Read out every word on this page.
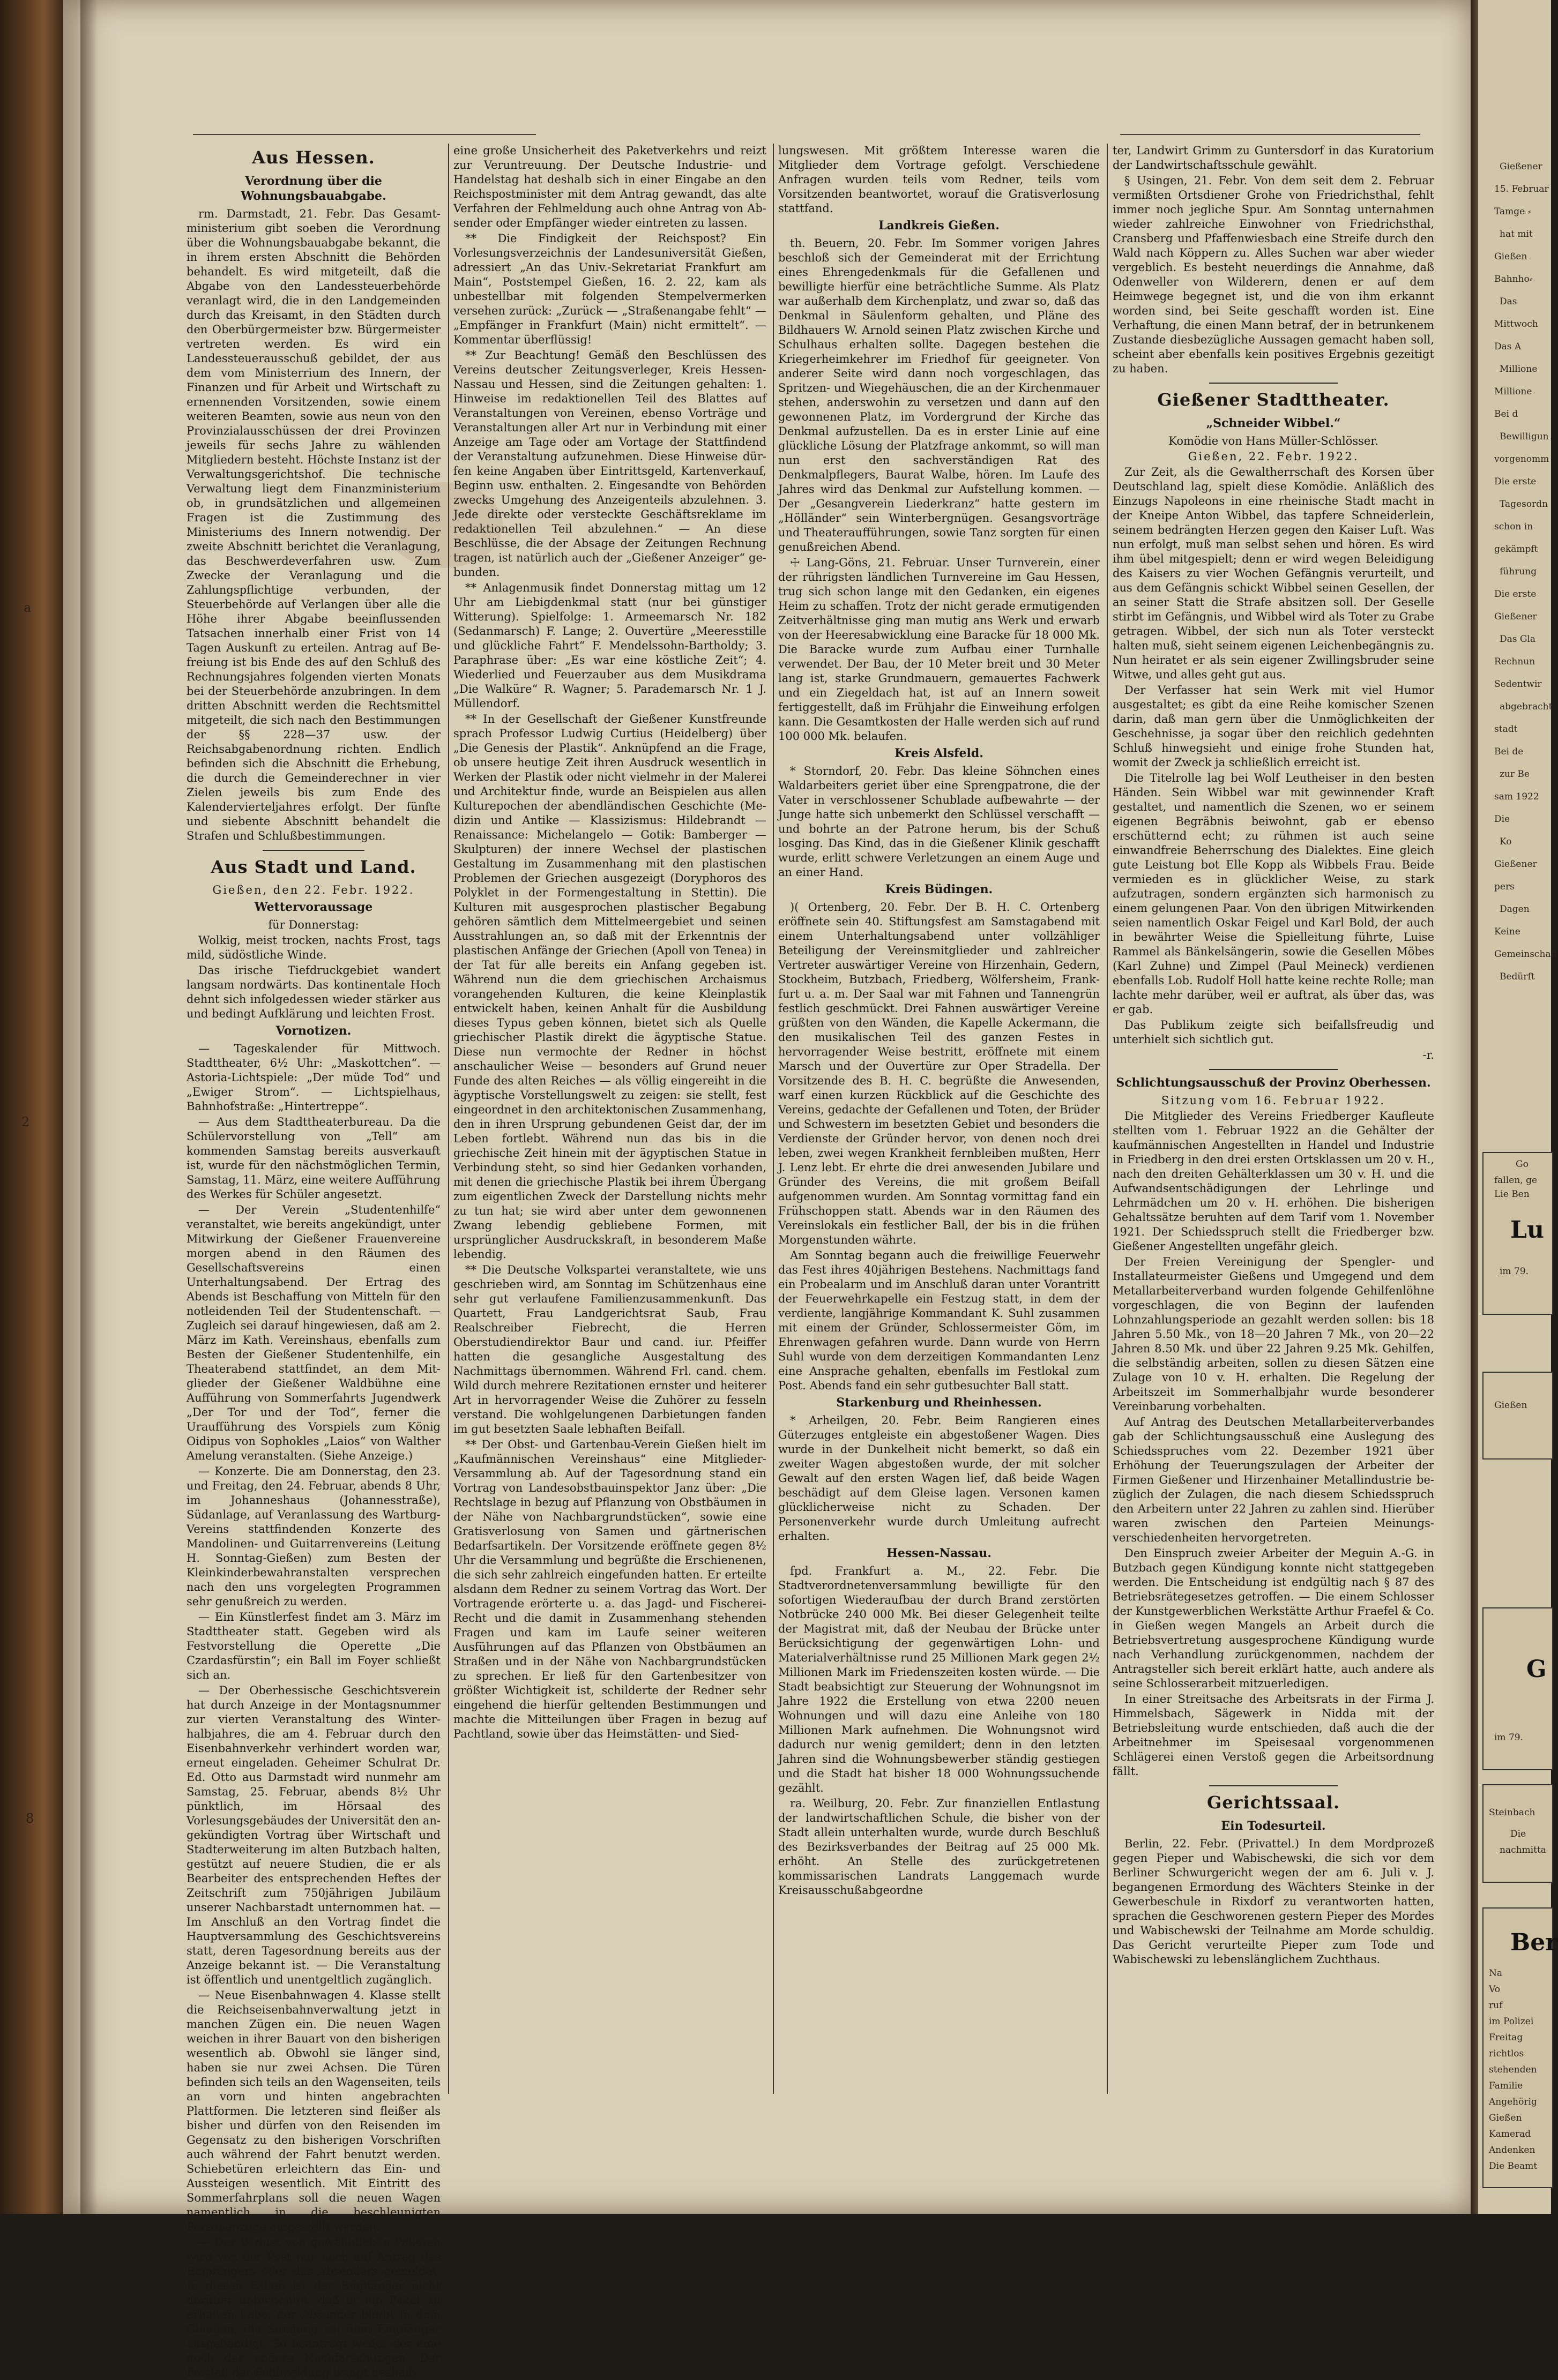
a
2
8
Aus Hessen.
Verordnung über die Wohnungsbauabgabe.

rm. Darmstadt, 21. Febr. Das Gesamtministerium gibt soeben die Verordnung über die Wohnungsbauabgabe bekannt, die in ihrem ersten Abschnitt die Behörden behandelt. Es wird mitgeteilt, daß die Abgabe von den Landessteuerbehörde veranlagt wird, die in den Landgemeinden durch das Kreisamt, in den Städten durch den Oberbürgermeister bzw. Bürgermeister vertreten werden. Es wird ein Landessteuerausschuß gebildet, der aus dem vom Ministerrium des Innern, der Finanzen und für Arbeit und Wirtschaft zu ernennenden Vorsitzenden, sowie einem weiteren Beamten, sowie aus neun von den Provinzialausschüssen der drei Provinzen jeweils für sechs Jahre zu wählenden Mitgliedern besteht. Höchste Instanz ist der Verwaltungsgerichtshof. Die technische Verwaltung liegt dem Finanzministerium ob, in grundsätzlichen und allgemeinen Fragen ist die Zustimmung des Ministeriums des Innern notwendig. Der zweite Abschnitt berichtet die Veranlagung, das Beschwerdeverfahren usw. Zum Zwecke der Veranlagung und die Zahlungspflichtige verbunden, der Steuerbehörde auf Verlangen über alle die Höhe ihrer Abgabe beeinflussenden Tatsachen innerhalb einer Frist von 14 Tagen Auskunft zu erteilen. Antrag auf Befreiung ist bis Ende des auf den Schluß des Rechnungsjahres folgenden vierten Monats bei der Steuerbehörde anzubringen. In dem dritten Abschnitt werden die Rechtsmittel mitgeteilt, die sich nach den Bestimmungen der §§ 228—37 usw. der Reichsabgabenordnung richten. Endlich befinden sich die Abschnitt die Erhebung, die durch die Gemeinderechner in vier Zielen jeweils bis zum Ende des Kalendervierteljahres erfolgt. Der fünfte und siebente Abschnitt behandelt die Strafen und Schlußbestimmungen.

Aus Stadt und Land.

Gießen, den 22. Febr. 1922.

Wettervoraussage

für Donnerstag:

Wolkig, meist trocken, nachts Frost, tags mild, südöstliche Winde.

Das irische Tiefdruckgebiet wandert langsam nordwärts. Das kontinentale Hoch dehnt sich infolgedessen wieder stärker aus und bedingt Aufklärung und leichten Frost.

Vornotizen.

— Tageskalender für Mittwoch. Stadttheater, 6½ Uhr: „Maskottchen“. — Astoria-Lichtspiele: „Der müde Tod“ und „Ewiger Strom“. — Lichtspielhaus, Bahnhofstraße: „Hintertreppe“.

— Aus dem Stadttheaterbureau. Da die Schülervorstellung von „Tell“ am kommenden Samstag bereits ausverkauft ist, wurde für den nächstmöglichen Termin, Samstag, 11. März, eine weitere Aufführung des Werkes für Schüler angesetzt.

— Der Verein „Studentenhilfe“ veranstaltet, wie bereits angekündigt, unter Mitwirkung der Gießener Frauenvereine morgen abend in den Räumen des Gesellschaftsvereins einen Unterhaltungsabend. Der Ertrag des Abends ist Beschaffung von Mitteln für den notleidenden Teil der Studentenschaft. — Zugleich sei darauf hingewiesen, daß am 2. März im Kath. Vereinshaus, ebenfalls zum Besten der Gießener Studentenhilfe, ein Theaterabend stattfindet, an dem Mitglieder der Gießener Waldbühne eine Aufführung von Sommerfahrts Jugendwerk „Der Tor und der Tod“, ferner die Uraufführung des Vorspiels zum König Oidipus von Sophokles „Laios“ von Walther Amelung veranstalten. (Siehe Anzeige.)

— Konzerte. Die am Donnerstag, den 23. und Freitag, den 24. Februar, abends 8 Uhr, im Johanneshaus (Johannesstraße), Südanlage, auf Veranlassung des Wartburg-Vereins stattfindenden Konzerte des Mandolinen- und Guitarrenvereins (Leitung H. Sonntag-Gießen) zum Besten der Kleinkinderbewahranstalten versprechen nach den uns vorgelegten Programmen sehr genußreich zu werden.

— Ein Künstlerfest findet am 3. März im Stadttheater statt. Gegeben wird als Festvorstellung die Operette „Die Czardasfürstin“; ein Ball im Foyer schließt sich an.

— Der Oberhessische Geschichtsverein hat durch Anzeige in der Montagsnummer zur vierten Veranstaltung des Winterhalbjahres, die am 4. Februar durch den Eisenbahnverkehr verhindert worden war, erneut eingeladen. Geheimer Schulrat Dr. Ed. Otto aus Darmstadt wird nunmehr am Samstag, 25. Februar, abends 8½ Uhr pünktlich, im Hörsaal des Vorlesungsgebäudes der Universität den angekündigten Vortrag über Wirtschaft und Stadterweiterung im alten Butzbach halten, gestützt auf neuere Studien, die er als Bearbeiter des entsprechenden Heftes der Zeitschrift zum 750jährigen Jubiläum unserer Nachbarstadt unternommen hat. — Im Anschluß an den Vortrag findet die Hauptversammlung des Geschichtsvereins statt, deren Tagesordnung bereits aus der Anzeige bekannt ist. — Die Veranstaltung ist öffentlich und unentgeltlich zugänglich.

— Neue Eisenbahnwagen 4. Klasse stellt die Reichseisenbahnverwaltung jetzt in manchen Zügen ein. Die neuen Wagen weichen in ihrer Bauart von den bisherigen wesentlich ab. Obwohl sie länger sind, haben sie nur zwei Achsen. Die Türen befinden sich teils an den Wagenseiten, teils an vorn und hinten angebrachten Plattformen. Die letzteren sind fleißer als bisher und dürfen von den Reisenden im Gegensatz zu den bisherigen Vorschriften auch während der Fahrt benutzt werden. Schiebetüren erleichtern das Ein- und Aussteigen wesentlich. Mit Eintritt des Sommerfahrplans soll die neuen Wagen namentlich in die beschleunigten Personenzüge eingestellt werden.

— Der Verlust von gewöhnlichen Paketen wird von der Post nur noch auf Antrag des Empfängers oder des Absenders gemeldet. In diesen Fällen ist der Empfänger nicht darüber unterrichtet, daß er ein Paket zu erhalten habe, der Absender bleibt in dem Glauben, die Sendung sei dem Empfänger ausgehändigt. So beantragt weder der eine noch der andere Nachforschungen. Der Fortfall der Fehlmeldung bringt deshalb

eine große Unsicherheit des Paketverkehrs und reizt zur Veruntreuung. Der Deutsche Industrie- und Handelstag hat deshalb sich in einer Eingabe an den Reichspostminister mit dem Antrag gewandt, das alte Verfahren der Fehlmeldung auch ohne Antrag von Absender oder Empfänger wieder eintreten zu lassen.

** Die Findigkeit der Reichspost? Ein Vorlesungsverzeichnis der Landesuniversität Gießen, adressiert „An das Univ.-Sekretariat Frankfurt am Main“, Poststempel Gießen, 16. 2. 22, kam als unbestellbar mit folgenden Stempelvermerken versehen zurück: „Zurück — „Straßenangabe fehlt“ — „Empfänger in Frankfurt (Main) nicht ermittelt“. — Kommentar überflüssig!

** Zur Beachtung! Gemäß den Beschlüssen des Vereins deutscher Zeitungsverleger, Kreis Hessen-Nassau und Hessen, sind die Zeitungen gehalten: 1. Hinweise im redaktionellen Teil des Blattes auf Veranstaltungen von Vereinen, ebenso Vorträge und Veranstaltungen aller Art nur in Verbindung mit einer Anzeige am Tage oder am Vortage der Stattfindend der Veranstaltung aufzunehmen. Diese Hinweise dürfen keine Angaben über Eintrittsgeld, Kartenverkauf, Beginn usw. enthalten. 2. Eingesandte von Behörden zwecks Umgehung des Anzeigenteils abzulehnen. 3. Jede direkte oder versteckte Geschäftsreklame im redaktionellen Teil abzulehnen.“ — An diese Beschlüsse, die der Absage der Zeitungen Rechnung tragen, ist natürlich auch der „Gießener Anzeiger“ gebunden.

** Anlagenmusik findet Donnerstag mittag um 12 Uhr am Liebigdenkmal statt (nur bei günstiger Witterung). Spielfolge: 1. Armeemarsch Nr. 182 (Sedanmarsch) F. Lange; 2. Ouvertüre „Meeresstille und glückliche Fahrt“ F. Mendelssohn-Bartholdy; 3. Paraphrase über: „Es war eine köstliche Zeit“; 4. Wiederlied und Feuerzauber aus dem Musikdrama „Die Walküre“ R. Wagner; 5. Parademarsch Nr. 1 J. Müllendorf.

** In der Gesellschaft der Gießener Kunstfreunde sprach Professor Ludwig Curtius (Heidelberg) über „Die Genesis der Plastik“. Anknüpfend an die Frage, ob unsere heutige Zeit ihren Ausdruck wesentlich in Werken der Plastik oder nicht vielmehr in der Malerei und Architektur finde, wurde an Beispielen aus allen Kulturepochen der abendländischen Geschichte (Medizin und Antike — Klassizismus: Hildebrandt — Renaissance: Michelangelo — Gotik: Bamberger — Skulpturen) der innere Wechsel der plastischen Gestaltung im Zusammenhang mit den plastischen Problemen der Griechen ausgezeigt (Doryphoros des Polyklet in der Formengestaltung in Stettin). Die Kulturen mit ausgesprochen plastischer Begabung gehören sämtlich dem Mittelmeergebiet und seinen Ausstrahlungen an, so daß mit der Erkenntnis der plastischen Anfänge der Griechen (Apoll von Tenea) in der Tat für alle bereits ein Anfang gegeben ist. Während nun die dem griechischen Archaismus vorangehenden Kulturen, die keine Kleinplastik entwickelt haben, keinen Anhalt für die Ausbildung dieses Typus geben können, bietet sich als Quelle griechischer Plastik direkt die ägyptische Statue. Diese nun vermochte der Redner in höchst anschaulicher Weise — besonders auf Grund neuer Funde des alten Reiches — als völlig eingereiht in die ägyptische Vorstellungswelt zu zeigen: sie stellt, fest eingeordnet in den architektonischen Zusammenhang, den in ihren Ursprung gebundenen Geist dar, der im Leben fortlebt. Während nun das bis in die griechische Zeit hinein mit der ägyptischen Statue in Verbindung steht, so sind hier Gedanken vorhanden, mit denen die griechische Plastik bei ihrem Übergang zum eigentlichen Zweck der Darstellung nichts mehr zu tun hat; sie wird aber unter dem gewonnenen Zwang lebendig gebliebene Formen, mit ursprünglicher Ausdruckskraft, in besonderem Maße lebendig.

** Die Deutsche Volkspartei veranstaltete, wie uns geschrieben wird, am Sonntag im Schützenhaus eine sehr gut verlaufene Familienzusammenkunft. Das Quartett, Frau Landgerichtsrat Saub, Frau Realschreiber Fiebrecht, die Herren Oberstudiendirektor Baur und cand. iur. Pfeiffer hatten die gesangliche Ausgestaltung des Nachmittags übernommen. Während Frl. cand. chem. Wild durch mehrere Rezitationen ernster und heiterer Art in hervorragender Weise die Zuhörer zu fesseln verstand. Die wohlgelungenen Darbietungen fanden im gut besetzten Saale lebhaften Beifall.

** Der Obst- und Gartenbau-Verein Gießen hielt im „Kaufmännischen Vereinshaus“ eine Mitglieder-Versammlung ab. Auf der Tagesordnung stand ein Vortrag von Landesobstbauinspektor Janz über: „Die Rechtslage in bezug auf Pflanzung von Obstbäumen in der Nähe von Nachbargrundstücken“, sowie eine Gratisverlosung von Samen und gärtnerischen Bedarfsartikeln. Der Vorsitzende eröffnete gegen 8½ Uhr die Versammlung und begrüßte die Erschienenen, die sich sehr zahlreich eingefunden hatten. Er erteilte alsdann dem Redner zu seinem Vortrag das Wort. Der Vortragende erörterte u. a. das Jagd- und Fischerei-Recht und die damit in Zusammenhang stehenden Fragen und kam im Laufe seiner weiteren Ausführungen auf das Pflanzen von Obstbäumen an Straßen und in der Nähe von Nachbargrundstücken zu sprechen. Er ließ für den Gartenbesitzer von größter Wichtigkeit ist, schilderte der Redner sehr eingehend die hierfür geltenden Bestimmungen und machte die Mitteilungen über Fragen in bezug auf Pachtland, sowie über das Heimstätten- und Sied-

lungswesen. Mit größtem Interesse waren die Mitglieder dem Vortrage gefolgt. Verschiedene Anfragen wurden teils vom Redner, teils vom Vorsitzenden beantwortet, worauf die Gratisverlosung stattfand.

Landkreis Gießen.

th. Beuern, 20. Febr. Im Sommer vorigen Jahres beschloß sich der Gemeinderat mit der Errichtung eines Ehrengedenkmals für die Gefallenen und bewilligte hierfür eine beträchtliche Summe. Als Platz war außerhalb dem Kirchenplatz, und zwar so, daß das Denkmal in Säulenform gehalten, und Pläne des Bildhauers W. Arnold seinen Platz zwischen Kirche und Schulhaus erhalten sollte. Dagegen bestehen die Kriegerheimkehrer im Friedhof für geeigneter. Von anderer Seite wird dann noch vorgeschlagen, das Spritzen- und Wiegehäuschen, die an der Kirchenmauer stehen, anderswohin zu versetzen und dann auf den gewonnenen Platz, im Vordergrund der Kirche das Denkmal aufzustellen. Da es in erster Linie auf eine glückliche Lösung der Platzfrage ankommt, so will man nun erst den sachverständigen Rat des Denkmalpflegers, Baurat Walbe, hören. Im Laufe des Jahres wird das Denkmal zur Aufstellung kommen. — Der „Gesangverein Liederkranz“ hatte gestern im „Hölländer“ sein Winterbergnügen. Gesangsvorträge und Theateraufführungen, sowie Tanz sorgten für einen genußreichen Abend.

☩ Lang-Göns, 21. Februar. Unser Turnverein, einer der rührigsten ländlichen Turnvereine im Gau Hessen, trug sich schon lange mit den Gedanken, ein eigenes Heim zu schaffen. Trotz der nicht gerade ermutigenden Zeitverhältnisse ging man mutig ans Werk und erwarb von der Heeresabwicklung eine Baracke für 18 000 Mk. Die Baracke wurde zum Aufbau einer Turnhalle verwendet. Der Bau, der 10 Meter breit und 30 Meter lang ist, starke Grundmauern, gemauertes Fachwerk und ein Ziegeldach hat, ist auf an Innern soweit fertiggestellt, daß im Frühjahr die Einweihung erfolgen kann. Die Gesamtkosten der Halle werden sich auf rund 100 000 Mk. belaufen.

Kreis Alsfeld.

* Storndorf, 20. Febr. Das kleine Söhnchen eines Waldarbeiters geriet über eine Sprengpatrone, die der Vater in verschlossener Schublade aufbewahrte — der Junge hatte sich unbemerkt den Schlüssel verschafft — und bohrte an der Patrone herum, bis der Schuß losging. Das Kind, das in die Gießener Klinik geschafft wurde, erlitt schwere Verletzungen an einem Auge und an einer Hand.

Kreis Büdingen.

)( Ortenberg, 20. Febr. Der B. H. C. Ortenberg eröffnete sein 40. Stiftungsfest am Samstagabend mit einem Unterhaltungsabend unter vollzähliger Beteiligung der Vereinsmitglieder und zahlreicher Vertreter auswärtiger Vereine von Hirzenhain, Gedern, Stockheim, Butzbach, Friedberg, Wölfersheim, Frankfurt u. a. m. Der Saal war mit Fahnen und Tannengrün festlich geschmückt. Drei Fahnen auswärtiger Vereine grüßten von den Wänden, die Kapelle Ackermann, die den musikalischen Teil des ganzen Festes in hervorragender Weise bestritt, eröffnete mit einem Marsch und der Ouvertüre zur Oper Stradella. Der Vorsitzende des B. H. C. begrüßte die Anwesenden, warf einen kurzen Rückblick auf die Geschichte des Vereins, gedachte der Gefallenen und Toten, der Brüder und Schwestern im besetzten Gebiet und besonders die Verdienste der Gründer hervor, von denen noch drei leben, zwei wegen Krankheit fernbleiben mußten, Herr J. Lenz lebt. Er ehrte die drei anwesenden Jubilare und Gründer des Vereins, die mit großem Beifall aufgenommen wurden. Am Sonntag vormittag fand ein Frühschoppen statt. Abends war in den Räumen des Vereinslokals ein festlicher Ball, der bis in die frühen Morgenstunden währte.

Am Sonntag begann auch die freiwillige Feuerwehr das Fest ihres 40jährigen Bestehens. Nachmittags fand ein Probealarm und im Anschluß daran unter Vorantritt der Feuerwehrkapelle ein Festzug statt, in dem der verdiente, langjährige Kommandant K. Suhl zusammen mit einem der Gründer, Schlossermeister Göm, im Ehrenwagen gefahren wurde. Dann wurde von Herrn Suhl wurde von dem derzeitigen Kommandanten Lenz eine Ansprache gehalten, ebenfalls im Festlokal zum Post. Abends fand ein sehr gutbesuchter Ball statt.

Starkenburg und Rheinhessen.

* Arheilgen, 20. Febr. Beim Rangieren eines Güterzuges entgleiste ein abgestoßener Wagen. Dies wurde in der Dunkelheit nicht bemerkt, so daß ein zweiter Wagen abgestoßen wurde, der mit solcher Gewalt auf den ersten Wagen lief, daß beide Wagen beschädigt auf dem Gleise lagen. Versonen kamen glücklicherweise nicht zu Schaden. Der Personenverkehr wurde durch Umleitung aufrecht erhalten.

Hessen-Nassau.

fpd. Frankfurt a. M., 22. Febr. Die Stadtverordnetenversammlung bewilligte für den sofortigen Wiederaufbau der durch Brand zerstörten Notbrücke 240 000 Mk. Bei dieser Gelegenheit teilte der Magistrat mit, daß der Neubau der Brücke unter Berücksichtigung der gegenwärtigen Lohn- und Materialverhältnisse rund 25 Millionen Mark gegen 2½ Millionen Mark im Friedenszeiten kosten würde. — Die Stadt beabsichtigt zur Steuerung der Wohnungsnot im Jahre 1922 die Erstellung von etwa 2200 neuen Wohnungen und will dazu eine Anleihe von 180 Millionen Mark aufnehmen. Die Wohnungsnot wird dadurch nur wenig gemildert; denn in den letzten Jahren sind die Wohnungsbewerber ständig gestiegen und die Stadt hat bisher 18 000 Wohnungssuchende gezählt.

ra. Weilburg, 20. Febr. Zur finanziellen Entlastung der landwirtschaftlichen Schule, die bisher von der Stadt allein unterhalten wurde, wurde durch Beschluß des Bezirksverbandes der Beitrag auf 25 000 Mk. erhöht. An Stelle des zurückgetretenen kommissarischen Landrats Langgemach wurde Kreisausschußabgeordne

ter, Landwirt Grimm zu Guntersdorf in das Kuratorium der Landwirtschaftsschule gewählt.

§ Usingen, 21. Febr. Von dem seit dem 2. Februar vermißten Ortsdiener Grohe von Friedrichsthal, fehlt immer noch jegliche Spur. Am Sonntag unternahmen wieder zahlreiche Einwohner von Friedrichsthal, Cransberg und Pfaffenwiesbach eine Streife durch den Wald nach Köppern zu. Alles Suchen war aber wieder vergeblich. Es besteht neuerdings die Annahme, daß Odenweller von Wilderern, denen er auf dem Heimwege begegnet ist, und die von ihm erkannt worden sind, bei Seite geschafft worden ist. Eine Verhaftung, die einen Mann betraf, der in betrunkenem Zustande diesbezügliche Aussagen gemacht haben soll, scheint aber ebenfalls kein positives Ergebnis gezeitigt zu haben.

Gießener Stadttheater.
„Schneider Wibbel.“

Komödie von Hans Müller-Schlösser.

Gießen, 22. Febr. 1922.

Zur Zeit, als die Gewaltherrschaft des Korsen über Deutschland lag, spielt diese Komödie. Anläßlich des Einzugs Napoleons in eine rheinische Stadt macht in der Kneipe Anton Wibbel, das tapfere Schneiderlein, seinem bedrängten Herzen gegen den Kaiser Luft. Was nun erfolgt, muß man selbst sehen und hören. Es wird ihm übel mitgespielt; denn er wird wegen Beleidigung des Kaisers zu vier Wochen Gefängnis verurteilt, und aus dem Gefängnis schickt Wibbel seinen Gesellen, der an seiner Statt die Strafe absitzen soll. Der Geselle stirbt im Gefängnis, und Wibbel wird als Toter zu Grabe getragen. Wibbel, der sich nun als Toter versteckt halten muß, sieht seinem eigenen Leichenbegängnis zu. Nun heiratet er als sein eigener Zwillingsbruder seine Witwe, und alles geht gut aus.

Der Verfasser hat sein Werk mit viel Humor ausgestaltet; es gibt da eine Reihe komischer Szenen darin, daß man gern über die Unmöglichkeiten der Geschehnisse, ja sogar über den reichlich gedehnten Schluß hinwegsieht und einige frohe Stunden hat, womit der Zweck ja schließlich erreicht ist.

Die Titelrolle lag bei Wolf Leutheiser in den besten Händen. Sein Wibbel war mit gewinnender Kraft gestaltet, und namentlich die Szenen, wo er seinem eigenen Begräbnis beiwohnt, gab er ebenso erschütternd echt; zu rühmen ist auch seine einwandfreie Beherrschung des Dialektes. Eine gleich gute Leistung bot Elle Kopp als Wibbels Frau. Beide vermieden es in glücklicher Weise, zu stark aufzutragen, sondern ergänzten sich harmonisch zu einem gelungenen Paar. Von den übrigen Mitwirkenden seien namentlich Oskar Feigel und Karl Bold, der auch in bewährter Weise die Spielleitung führte, Luise Rammel als Bänkelsängerin, sowie die Gesellen Möbes (Karl Zuhne) und Zimpel (Paul Meineck) verdienen ebenfalls Lob. Rudolf Holl hatte keine rechte Rolle; man lachte mehr darüber, weil er auftrat, als über das, was er gab.

Das Publikum zeigte sich beifallsfreudig und unterhielt sich sichtlich gut.

-r.

Schlichtungsausschuß der Provinz Oberhessen.

Sitzung vom 16. Februar 1922.

Die Mitglieder des Vereins Friedberger Kaufleute stellten vom 1. Februar 1922 an die Gehälter der kaufmännischen Angestellten in Handel und Industrie in Friedberg in den drei ersten Ortsklassen um 20 v. H., nach den dreiten Gehälterklassen um 30 v. H. und die Aufwandsentschädigungen der Lehrlinge und Lehrmädchen um 20 v. H. erhöhen. Die bisherigen Gehaltssätze beruhten auf dem Tarif vom 1. November 1921. Der Schiedsspruch stellt die Friedberger bzw. Gießener Angestellten ungefähr gleich.

Der Freien Vereinigung der Spengler- und Installateurmeister Gießens und Umgegend und dem Metallarbeiterverband wurden folgende Gehilfenlöhne vorgeschlagen, die von Beginn der laufenden Lohnzahlungsperiode an gezahlt werden sollen: bis 18 Jahren 5.50 Mk., von 18—20 Jahren 7 Mk., von 20—22 Jahren 8.50 Mk. und über 22 Jahren 9.25 Mk. Gehilfen, die selbständig arbeiten, sollen zu diesen Sätzen eine Zulage von 10 v. H. erhalten. Die Regelung der Arbeitszeit im Sommerhalbjahr wurde besonderer Vereinbarung vorbehalten.

Auf Antrag des Deutschen Metallarbeiterverbandes gab der Schlichtungsausschuß eine Auslegung des Schiedsspruches vom 22. Dezember 1921 über Erhöhung der Teuerungszulagen der Arbeiter der Firmen Gießener und Hirzenhainer Metallindustrie bezüglich der Zulagen, die nach diesem Schiedsspruch den Arbeitern unter 22 Jahren zu zahlen sind. Hierüber waren zwischen den Parteien Meinungsverschiedenheiten hervorgetreten.

Den Einspruch zweier Arbeiter der Meguin A.-G. in Butzbach gegen Kündigung konnte nicht stattgegeben werden. Die Entscheidung ist endgültig nach § 87 des Betriebsrätegesetzes getroffen. — Die einem Schlosser der Kunstgewerblichen Werkstätte Arthur Fraefel & Co. in Gießen wegen Mangels an Arbeit durch die Betriebsvertretung ausgesprochene Kündigung wurde nach Verhandlung zurückgenommen, nachdem der Antragsteller sich bereit erklärt hatte, auch andere als seine Schlosserarbeit mitzuerledigen.

In einer Streitsache des Arbeitsrats in der Firma J. Himmelsbach, Sägewerk in Nidda mit der Betriebsleitung wurde entschieden, daß auch die der Arbeitnehmer im Speisesaal vorgenommenen Schlägerei einen Verstoß gegen die Arbeitsordnung fällt.

Gerichtssaal.
Ein Todesurteil.

Berlin, 22. Febr. (Privattel.) In dem Mordprozeß gegen Pieper und Wabischewski, die sich vor dem Berliner Schwurgericht wegen der am 6. Juli v. J. begangenen Ermordung des Wächters Steinke in der Gewerbeschule in Rixdorf zu verantworten hatten, sprachen die Geschworenen gestern Pieper des Mordes und Wabischewski der Teilnahme am Morde schuldig. Das Gericht verurteilte Pieper zum Tode und Wabischewski zu lebenslänglichem Zuchthaus.

Gießener
15. Februar
Tamge ⸗
hat mit
Gießen
Bahnho⸗
Das
Mittwoch
Das A
Millione
Millione
Bei d
Bewilligun
vorgenomm
Die erste
Tagesordn
schon in
gekämpft
führung
Die erste
Gießener
Das Gla
Rechnun
Sedentwir
abgebracht
stadt
Bei de
zur Be
sam 1922
Die
Ko
Gießener
pers
Dagen
Keine
Gemeinschaft
Bedürft
Go
fallen, ge
Lie Ben
Lu
im 79.
Gießen
G
im 79.
Steinbach
Die
nachmitta
Ber
Na
Vo
ruf
im Polizei
Freitag
richtlos
stehenden
Familie
Angehörig
Gießen
Kamerad
Andenken
Die Beamt
